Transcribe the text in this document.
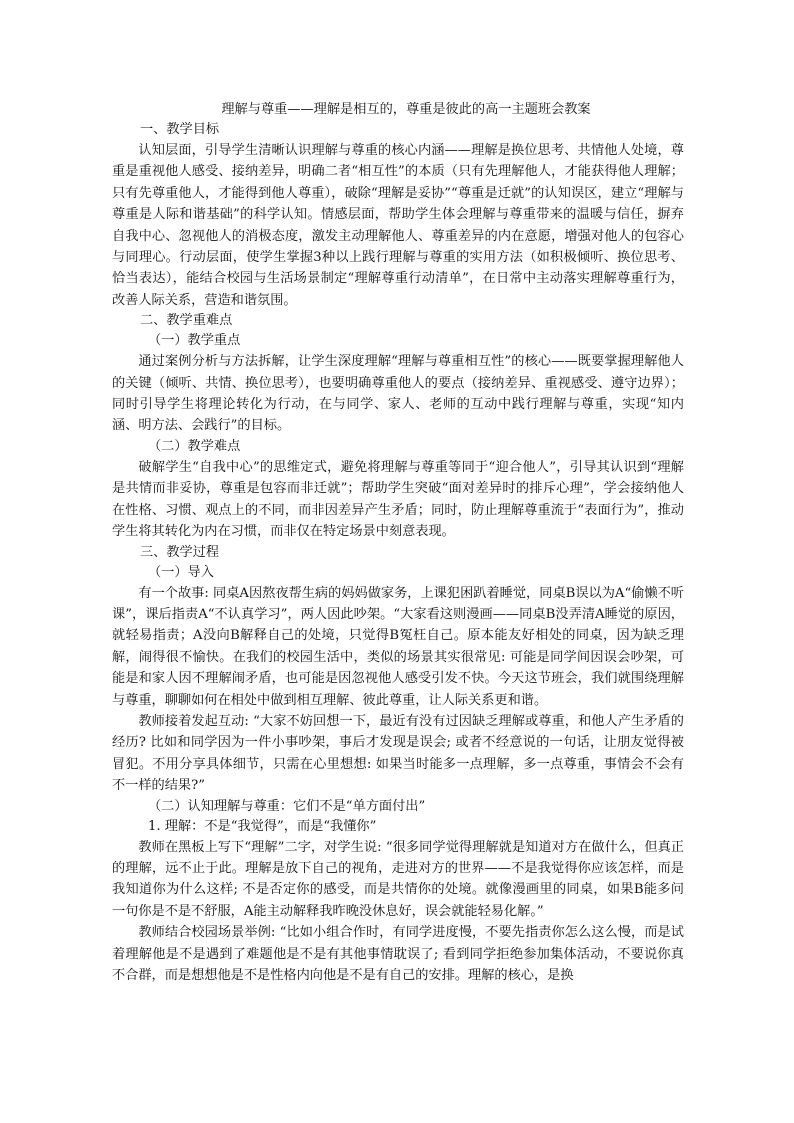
理解与尊重——理解是相互的，尊重是彼此的高一主题班会教案
一、教学目标

认知层面，引导学生清晰认识理解与尊重的核心内涵——理解是换位思考、共情他人处境，尊重是重视他人感受、接纳差异，明确二者“相互性”的本质（只有先理解他人，才能获得他人理解；只有先尊重他人，才能得到他人尊重），破除“理解是妥协”“尊重是迁就”的认知误区，建立“理解与尊重是人际和谐基础”的科学认知。情感层面，帮助学生体会理解与尊重带来的温暖与信任，摒弃自我中心、忽视他人的消极态度，激发主动理解他人、尊重差异的内在意愿，增强对他人的包容心与同理心。行动层面，使学生掌握3种以上践行理解与尊重的实用方法（如积极倾听、换位思考、恰当表达），能结合校园与生活场景制定“理解尊重行动清单”，在日常中主动落实理解尊重行为，改善人际关系，营造和谐氛围。

二、教学重难点
（一）教学重点

通过案例分析与方法拆解，让学生深度理解“理解与尊重相互性”的核心——既要掌握理解他人的关键（倾听、共情、换位思考），也要明确尊重他人的要点（接纳差异、重视感受、遵守边界）；同时引导学生将理论转化为行动，在与同学、家人、老师的互动中践行理解与尊重，实现“知内涵、明方法、会践行”的目标。

（二）教学难点

破解学生“自我中心”的思维定式，避免将理解与尊重等同于“迎合他人”，引导其认识到“理解是共情而非妥协，尊重是包容而非迁就”；帮助学生突破“面对差异时的排斥心理”，学会接纳他人在性格、习惯、观点上的不同，而非因差异产生矛盾；同时，防止理解尊重流于“表面行为”，推动学生将其转化为内在习惯，而非仅在特定场景中刻意表现。

三、教学过程
（一）导入

有一个故事: 同桌A因熬夜帮生病的妈妈做家务，上课犯困趴着睡觉，同桌B误以为A“偷懒不听课”，课后指责A“不认真学习”，两人因此吵架。“大家看这则漫画——同桌B没弄清A睡觉的原因，就轻易指责；A没向B解释自己的处境，只觉得B冤枉自己。原本能友好相处的同桌，因为缺乏理解，闹得很不愉快。在我们的校园生活中，类似的场景其实很常见: 可能是同学间因误会吵架，可能是和家人因不理解闹矛盾，也可能是因忽视他人感受引发不快。今天这节班会，我们就围绕理解与尊重，聊聊如何在相处中做到相互理解、彼此尊重，让人际关系更和谐。

教师接着发起互动: “大家不妨回想一下，最近有没有过因缺乏理解或尊重，和他人产生矛盾的经历? 比如和同学因为一件小事吵架，事后才发现是误会; 或者不经意说的一句话，让朋友觉得被冒犯。不用分享具体细节，只需在心里想想: 如果当时能多一点理解，多一点尊重，事情会不会有不一样的结果?”

（二）认知理解与尊重：它们不是“单方面付出”
1. 理解：不是“我觉得”，而是“我懂你”

教师在黑板上写下“理解”二字，对学生说: “很多同学觉得理解就是知道对方在做什么，但真正的理解，远不止于此。理解是放下自己的视角，走进对方的世界——不是我觉得你应该怎样，而是我知道你为什么这样; 不是否定你的感受，而是共情你的处境。就像漫画里的同桌，如果B能多问一句你是不是不舒服，A能主动解释我昨晚没休息好，误会就能轻易化解。”

教师结合校园场景举例: “比如小组合作时，有同学进度慢，不要先指责你怎么这么慢，而是试着理解他是不是遇到了难题他是不是有其他事情耽误了; 看到同学拒绝参加集体活动，不要说你真不合群，而是想想他是不是性格内向他是不是有自己的安排。理解的核心，是换
